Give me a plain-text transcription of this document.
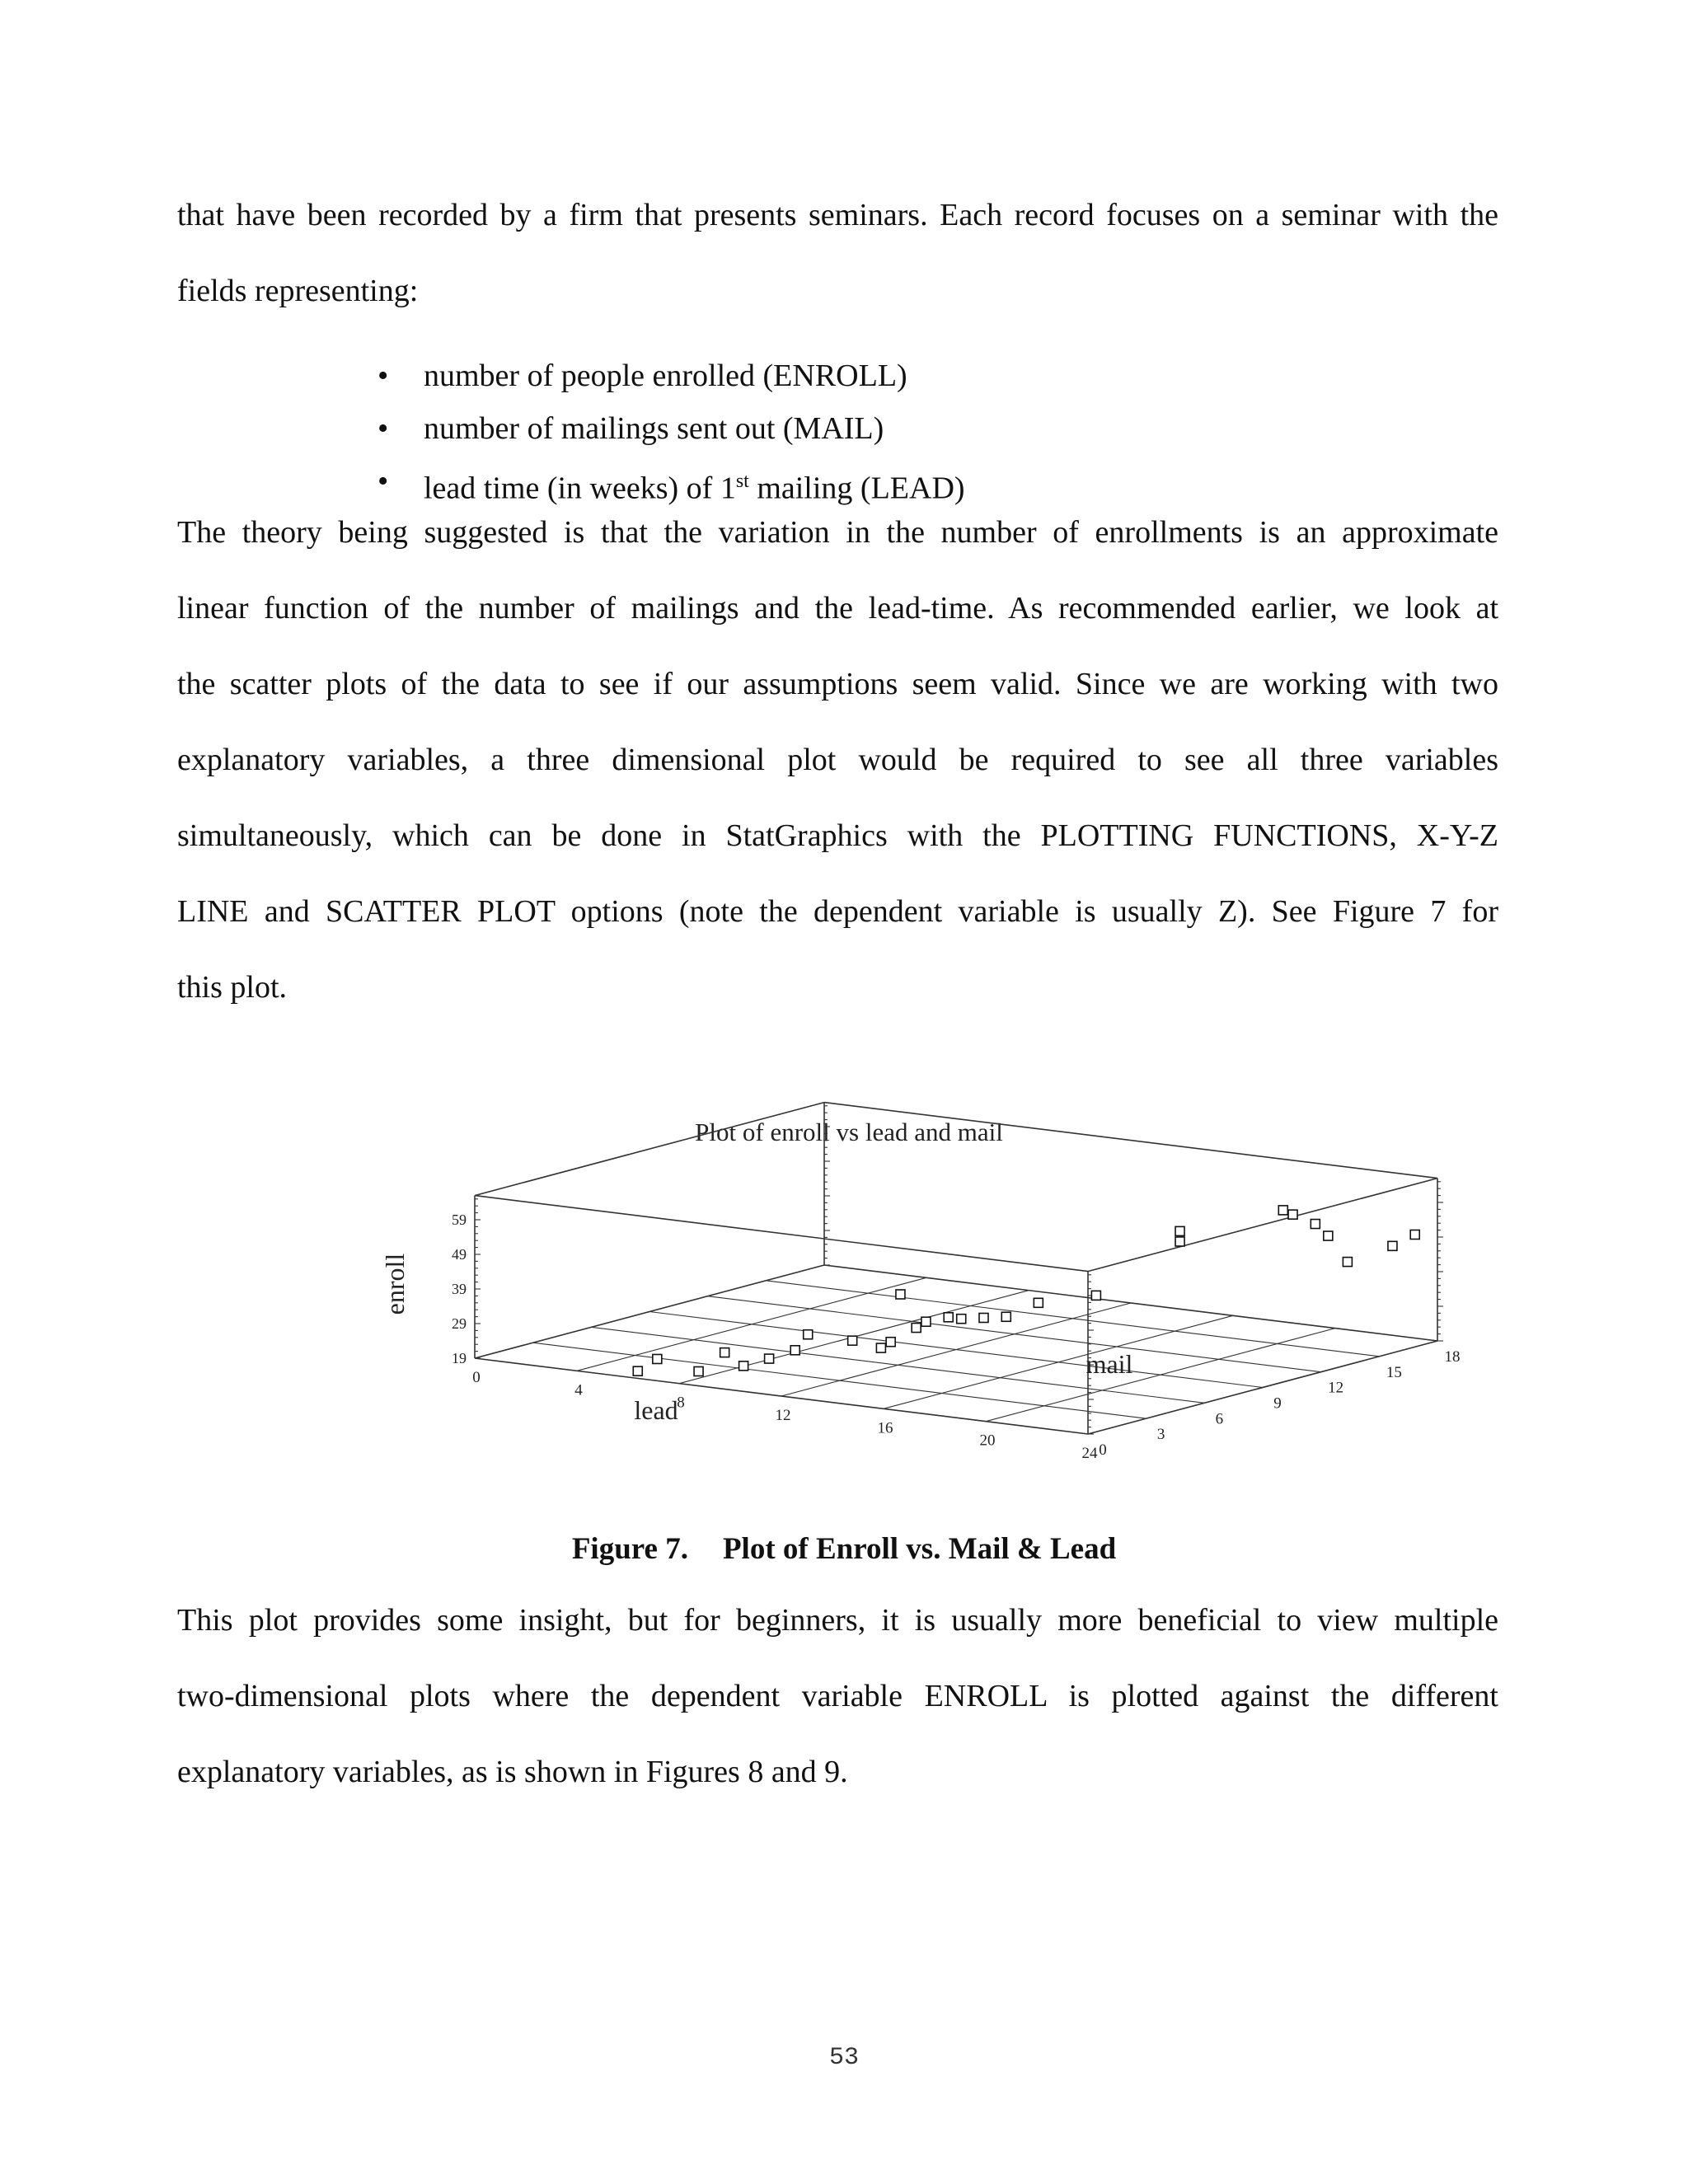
that have been recorded by a firm that presents seminars. Each record focuses on a seminar with the
fields representing:
• number of people enrolled (ENROLL)
• number of mailings sent out (MAIL)
• lead time (in weeks) of 1st mailing (LEAD)
The theory being suggested is that the variation in the number of enrollments is an approximate
linear function of the number of mailings and the lead-time. As recommended earlier, we look at
the scatter plots of the data to see if our assumptions seem valid. Since we are working with two
explanatory variables, a three dimensional plot would be required to see all three variables
simultaneously, which can be done in StatGraphics with the PLOTTING FUNCTIONS, X-Y-Z
LINE and SCATTER PLOT options (note the dependent variable is usually Z). See Figure 7 for
this plot.
Plot of enroll vs lead and mail
19
29
39
49
59
0
4
8
12
16
20
24 0
3
6
9
12
15
18
enroll
lead
mail
Figure 7. Plot of Enroll vs. Mail & Lead
This plot provides some insight, but for beginners, it is usually more beneficial to view multiple
two-dimensional plots where the dependent variable ENROLL is plotted against the different
explanatory variables, as is shown in Figures 8 and 9.
53
